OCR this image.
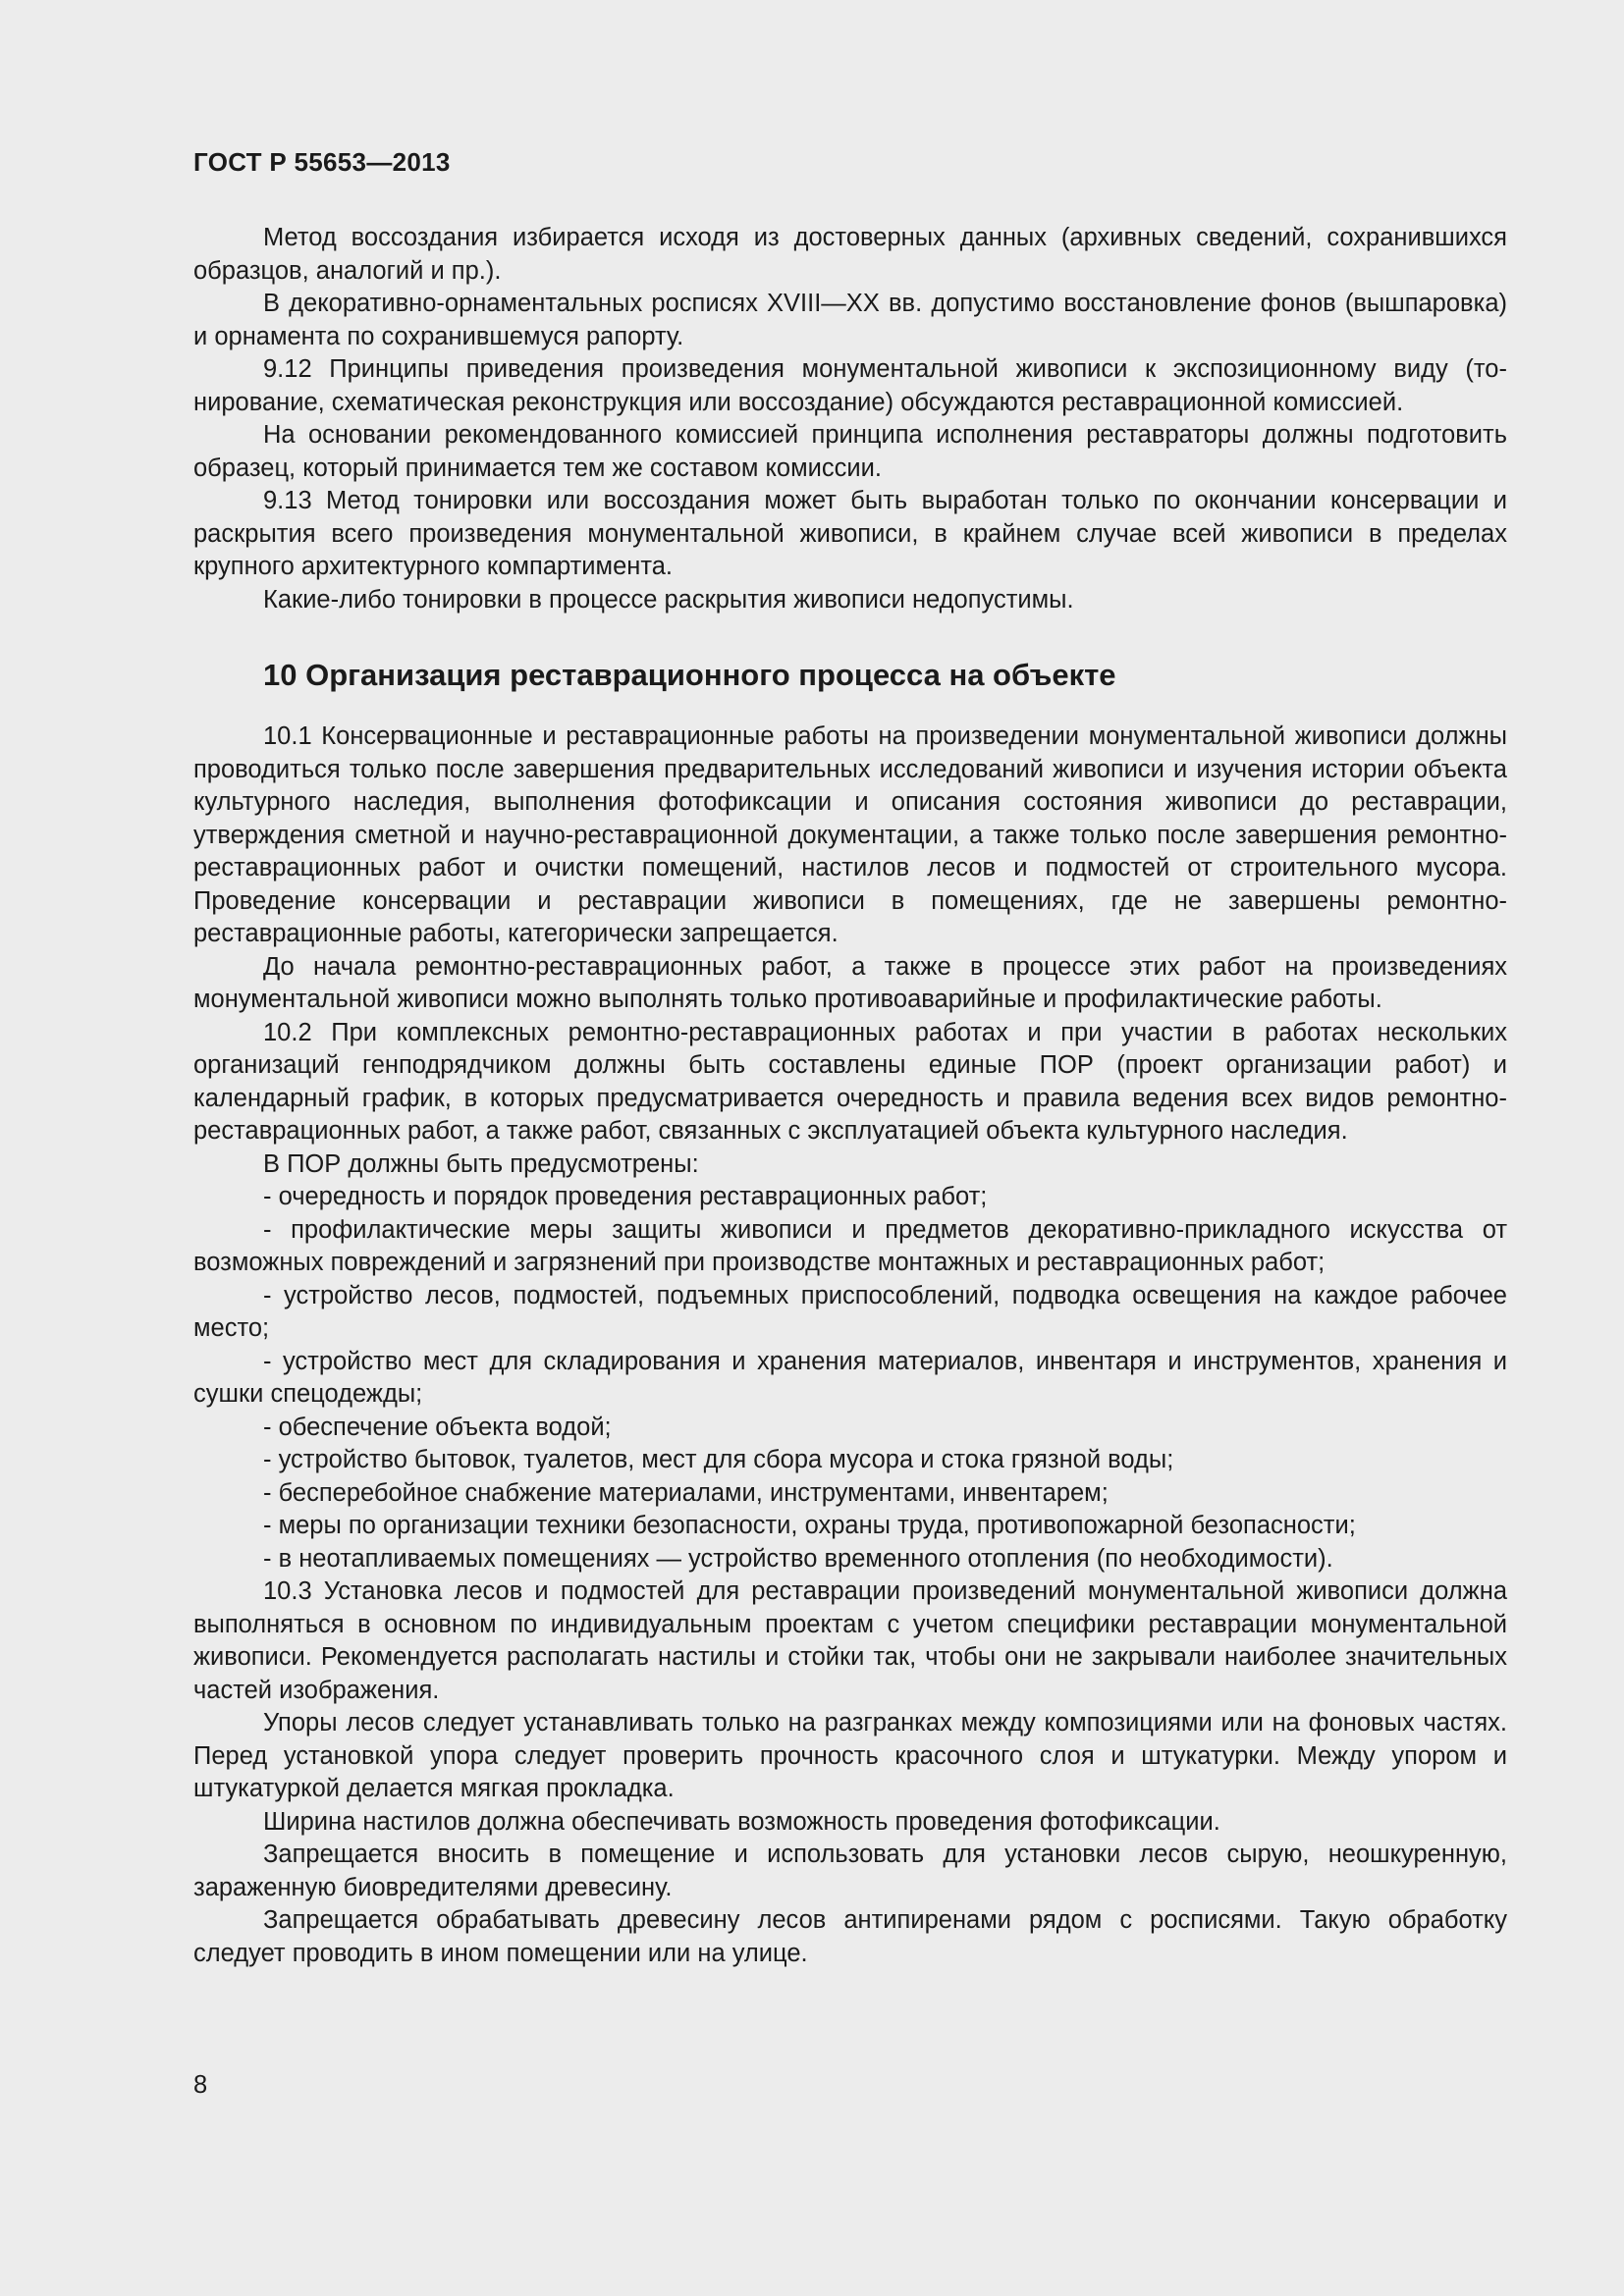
ГОСТ Р 55653—2013

Метод воссоздания избирается исходя из достоверных данных (архивных сведений, сохранившихся образцов, аналогий и пр.).

В декоративно-орнаментальных росписях XVIII—XX вв. допустимо восстановление фонов (вышпаровка) и орнамента по сохранившемуся рапорту.

9.12 Принципы приведения произведения монументальной живописи к экспозиционному виду (тонирование, схематическая реконструкция или воссоздание) обсуждаются реставрационной комиссией.

На основании рекомендованного комиссией принципа исполнения реставраторы должны подготовить образец, который принимается тем же составом комиссии.

9.13 Метод тонировки или воссоздания может быть выработан только по окончании консервации и раскрытия всего произведения монументальной живописи, в крайнем случае всей живописи в пределах крупного архитектурного компартимента.

Какие-либо тонировки в процессе раскрытия живописи недопустимы.

10 Организация реставрационного процесса на объекте

10.1 Консервационные и реставрационные работы на произведении монументальной живописи должны проводиться только после завершения предварительных исследований живописи и изучения истории объекта культурного наследия, выполнения фотофиксации и описания состояния живописи до реставрации, утверждения сметной и научно-реставрационной документации, а также только после завершения ремонтно-реставрационных работ и очистки помещений, настилов лесов и подмостей от строительного мусора. Проведение консервации и реставрации живописи в помещениях, где не завершены ремонтно-реставрационные работы, категорически запрещается.

До начала ремонтно-реставрационных работ, а также в процессе этих работ на произведениях монументальной живописи можно выполнять только противоаварийные и профилактические работы.

10.2 При комплексных ремонтно-реставрационных работах и при участии в работах нескольких организаций генподрядчиком должны быть составлены единые ПОР (проект организации работ) и календарный график, в которых предусматривается очередность и правила ведения всех видов ремонтно-реставрационных работ, а также работ, связанных с эксплуатацией объекта культурного наследия.

В ПОР должны быть предусмотрены:

- очередность и порядок проведения реставрационных работ;

- профилактические меры защиты живописи и предметов декоративно-прикладного искусства от возможных повреждений и загрязнений при производстве монтажных и реставрационных работ;

- устройство лесов, подмостей, подъемных приспособлений, подводка освещения на каждое рабочее место;

- устройство мест для складирования и хранения материалов, инвентаря и инструментов, хранения и сушки спецодежды;

- обеспечение объекта водой;

- устройство бытовок, туалетов, мест для сбора мусора и стока грязной воды;

- бесперебойное снабжение материалами, инструментами, инвентарем;

- меры по организации техники безопасности, охраны труда, противопожарной безопасности;

- в неотапливаемых помещениях — устройство временного отопления (по необходимости).

10.3 Установка лесов и подмостей для реставрации произведений монументальной живописи должна выполняться в основном по индивидуальным проектам с учетом специфики реставрации монументальной живописи. Рекомендуется располагать настилы и стойки так, чтобы они не закрывали наиболее значительных частей изображения.

Упоры лесов следует устанавливать только на разгранках между композициями или на фоновых частях. Перед установкой упора следует проверить прочность красочного слоя и штукатурки. Между упором и штукатуркой делается мягкая прокладка.

Ширина настилов должна обеспечивать возможность проведения фотофиксации.

Запрещается вносить в помещение и использовать для установки лесов сырую, неошкуренную, зараженную биовредителями древесину.

Запрещается обрабатывать древесину лесов антипиренами рядом с росписями. Такую обработку следует проводить в ином помещении или на улице.

8
